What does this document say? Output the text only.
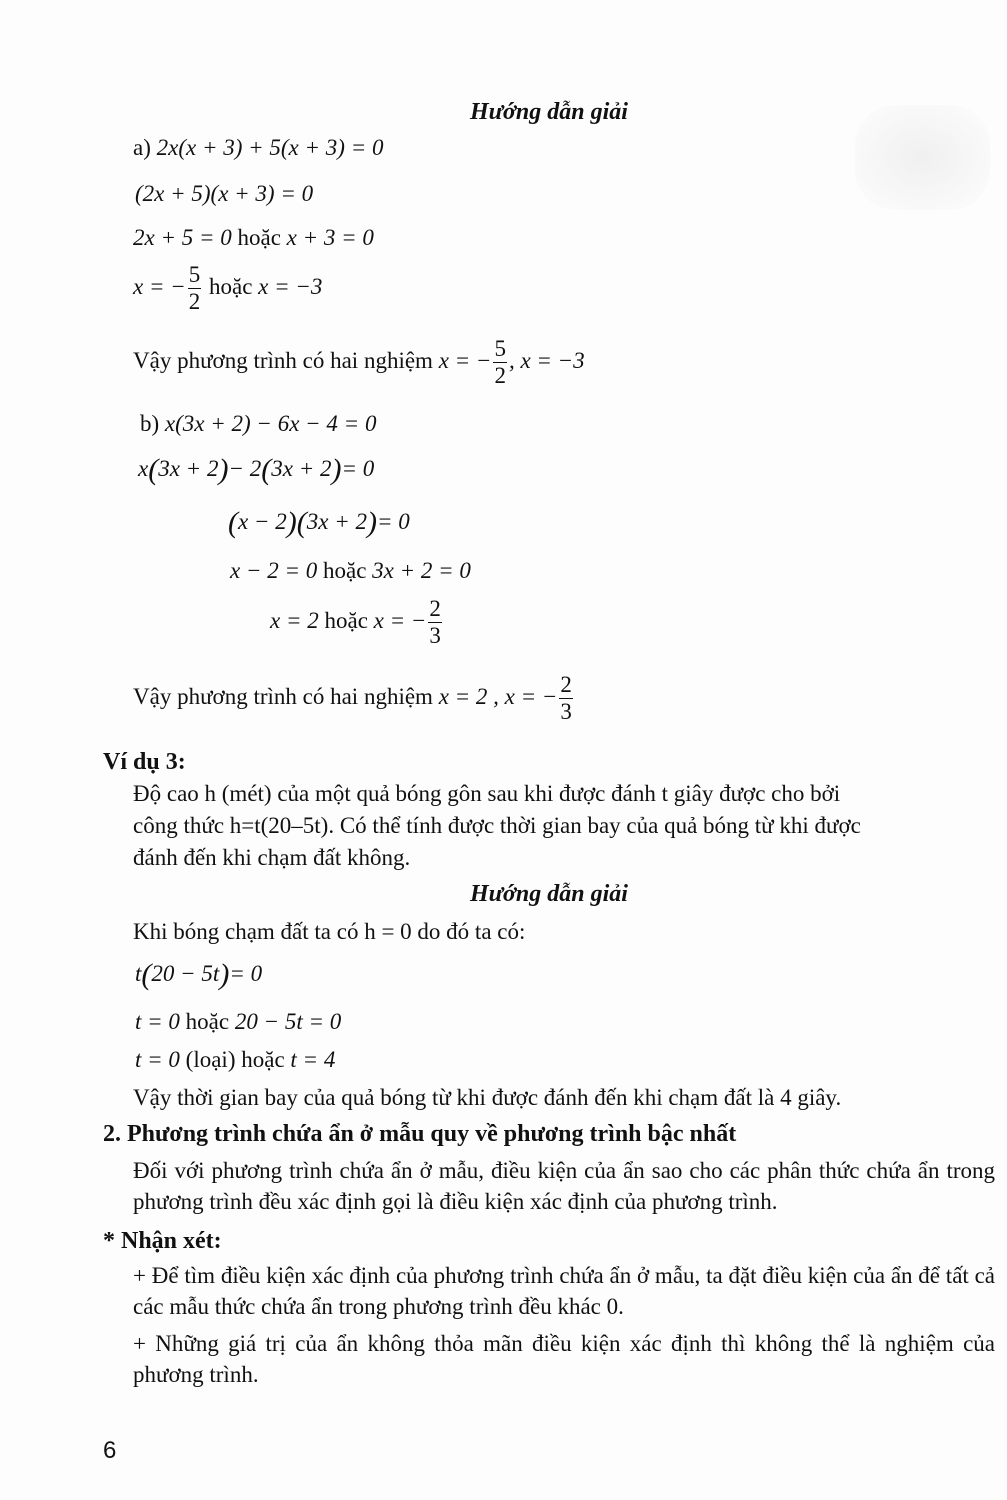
Hướng dẫn giải
a) 2x(x + 3) + 5(x + 3) = 0
(2x + 5)(x + 3) = 0
2x + 5 = 0 hoặc x + 3 = 0
x = − $\frac{5}{2}$ hoặc x = −3
Vậy phương trình có hai nghiệm x = − $\frac{5}{2}$ , x = −3
b) x(3x + 2) − 6x − 4 = 0
x(3x + 2)− 2(3x + 2)= 0
(x − 2)(3x + 2)= 0
x − 2 = 0 hoặc 3x + 2 = 0
x = 2 hoặc x = − $\frac{2}{3}$
Vậy phương trình có hai nghiệm x = 2 , x = − $\frac{2}{3}$
Ví dụ 3:
Độ cao h (mét) của một quả bóng gôn sau khi được đánh t giây được cho bởi
công thức h=t(20–5t). Có thể tính được thời gian bay của quả bóng từ khi được
đánh đến khi chạm đất không.
Hướng dẫn giải
Khi bóng chạm đất ta có h = 0 do đó ta có:
t(20 − 5t)= 0
t = 0 hoặc 20 − 5t = 0
t = 0 (loại) hoặc t = 4
Vậy thời gian bay của quả bóng từ khi được đánh đến khi chạm đất là 4 giây.
2. Phương trình chứa ẩn ở mẫu quy về phương trình bậc nhất
Đối với phương trình chứa ẩn ở mẫu, điều kiện của ẩn sao cho các phân thức chứa ẩn trong phương trình đều xác định gọi là điều kiện xác định của phương trình.
* Nhận xét:
+ Để tìm điều kiện xác định của phương trình chứa ẩn ở mẫu, ta đặt điều kiện của ẩn để tất cả các mẫu thức chứa ẩn trong phương trình đều khác 0.
+ Những giá trị của ẩn không thỏa mãn điều kiện xác định thì không thể là nghiệm của phương trình.
6
